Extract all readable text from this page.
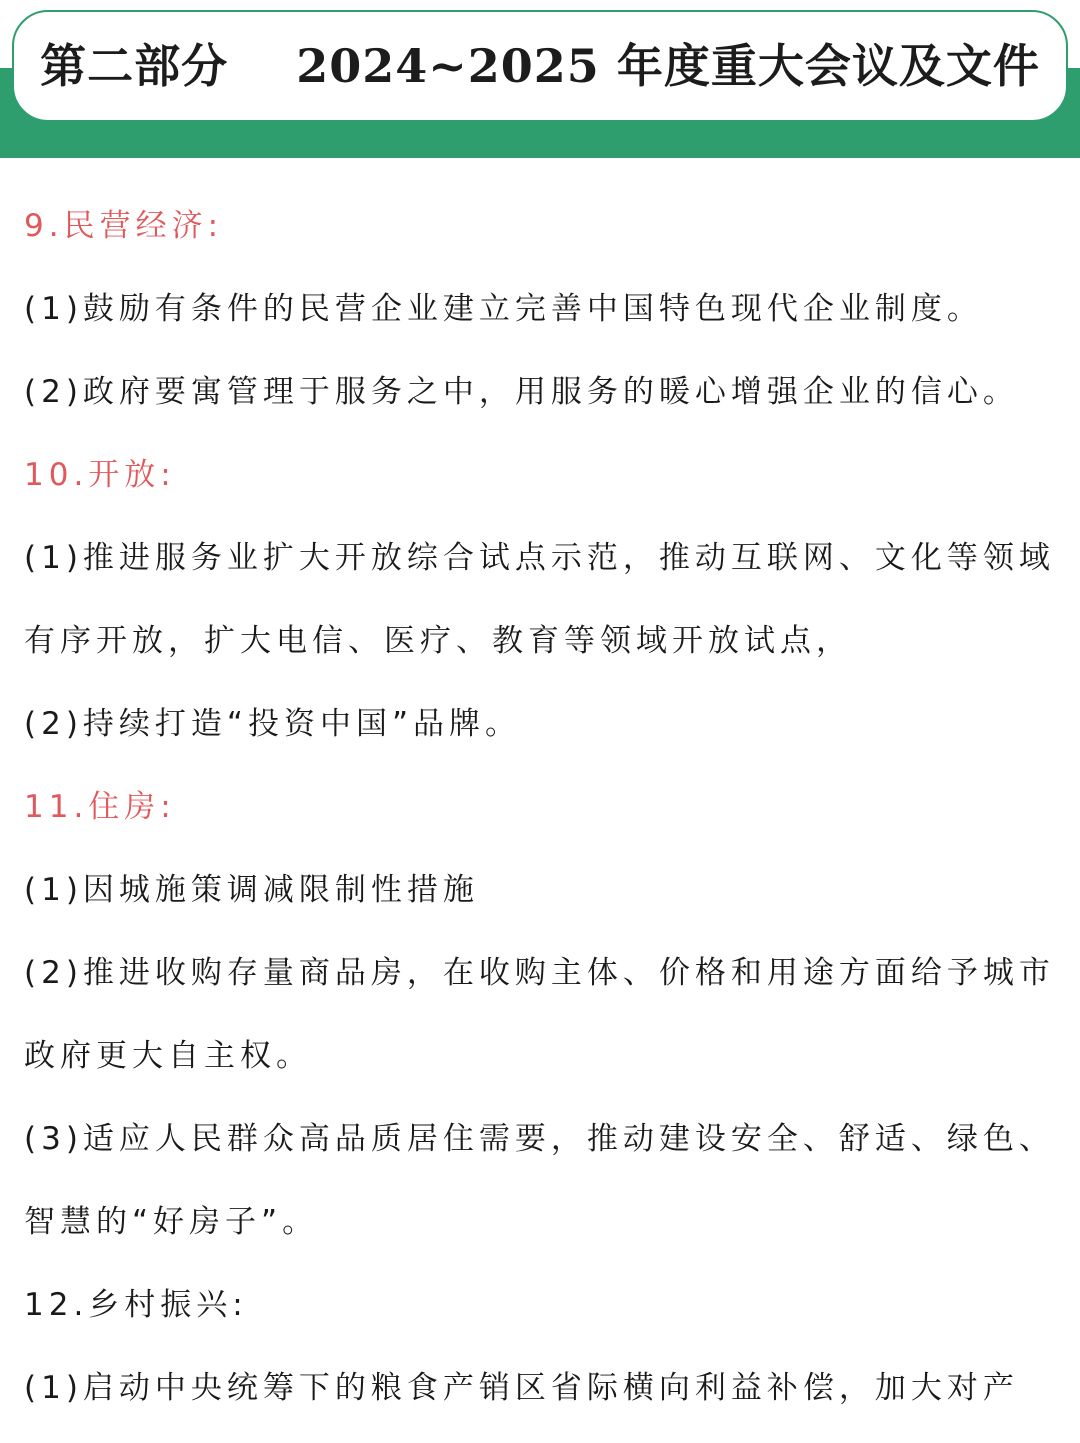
第二部分    2024~2025 年度重大会议及文件
9.民营经济:
(1)鼓励有条件的民营企业建立完善中国特色现代企业制度。
(2)政府要寓管理于服务之中，用服务的暖心增强企业的信心。
10.开放:
(1)推进服务业扩大开放综合试点示范，推动互联网、文化等领域
有序开放，扩大电信、医疗、教育等领域开放试点，
(2)持续打造“投资中国”品牌。
11.住房:
(1)因城施策调减限制性措施
(2)推进收购存量商品房，在收购主体、价格和用途方面给予城市
政府更大自主权。
(3)适应人民群众高品质居住需要，推动建设安全、舒适、绿色、
智慧的“好房子”。
12.乡村振兴:
(1)启动中央统筹下的粮食产销区省际横向利益补偿，加大对产
